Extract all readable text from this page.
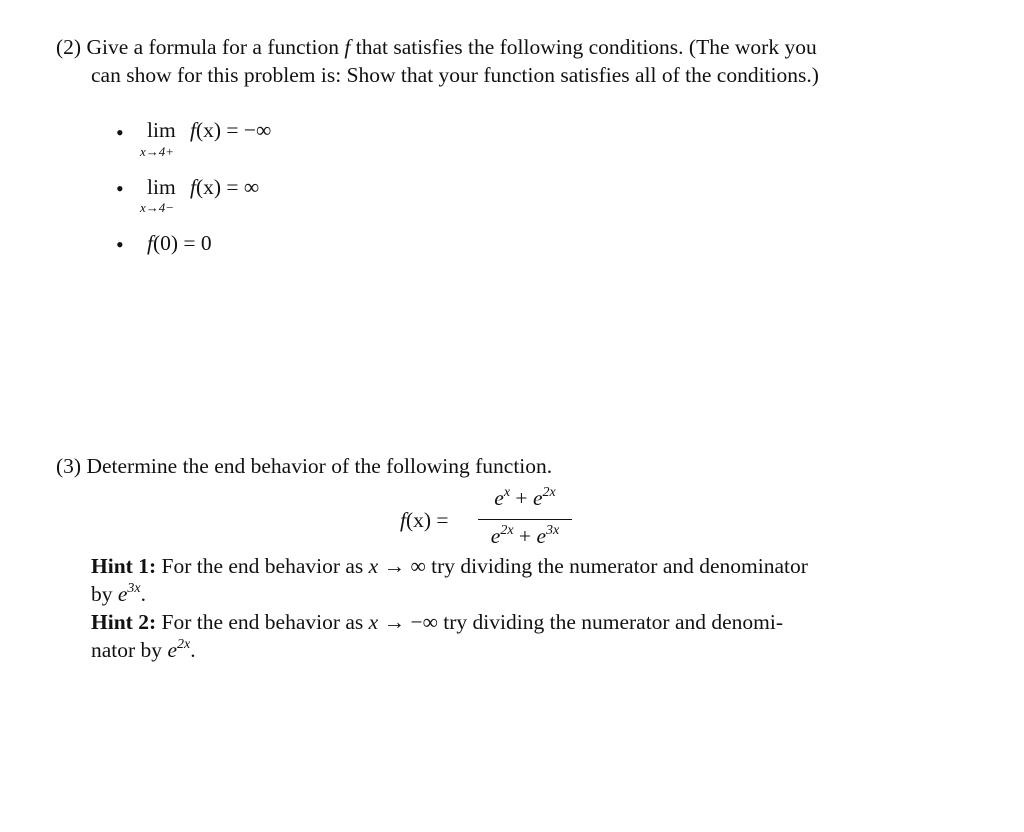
(2) Give a formula for a function f that satisfies the following conditions. (The work you
can show for this problem is: Show that your function satisfies all of the conditions.)
• lim
x→4+
f(x) = −∞
• lim
x→4−
f(x) = ∞
• f(0) = 0
(3) Determine the end behavior of the following function.
f(x) =
$e^x + e^{2x}$
$e^{2x} + e^{3x}$
Hint 1: For the end behavior as x → ∞ try dividing the numerator and denominator
by $e^{3x}$.
Hint 2: For the end behavior as x → −∞ try dividing the numerator and denomi-
nator by $e^{2x}$.
